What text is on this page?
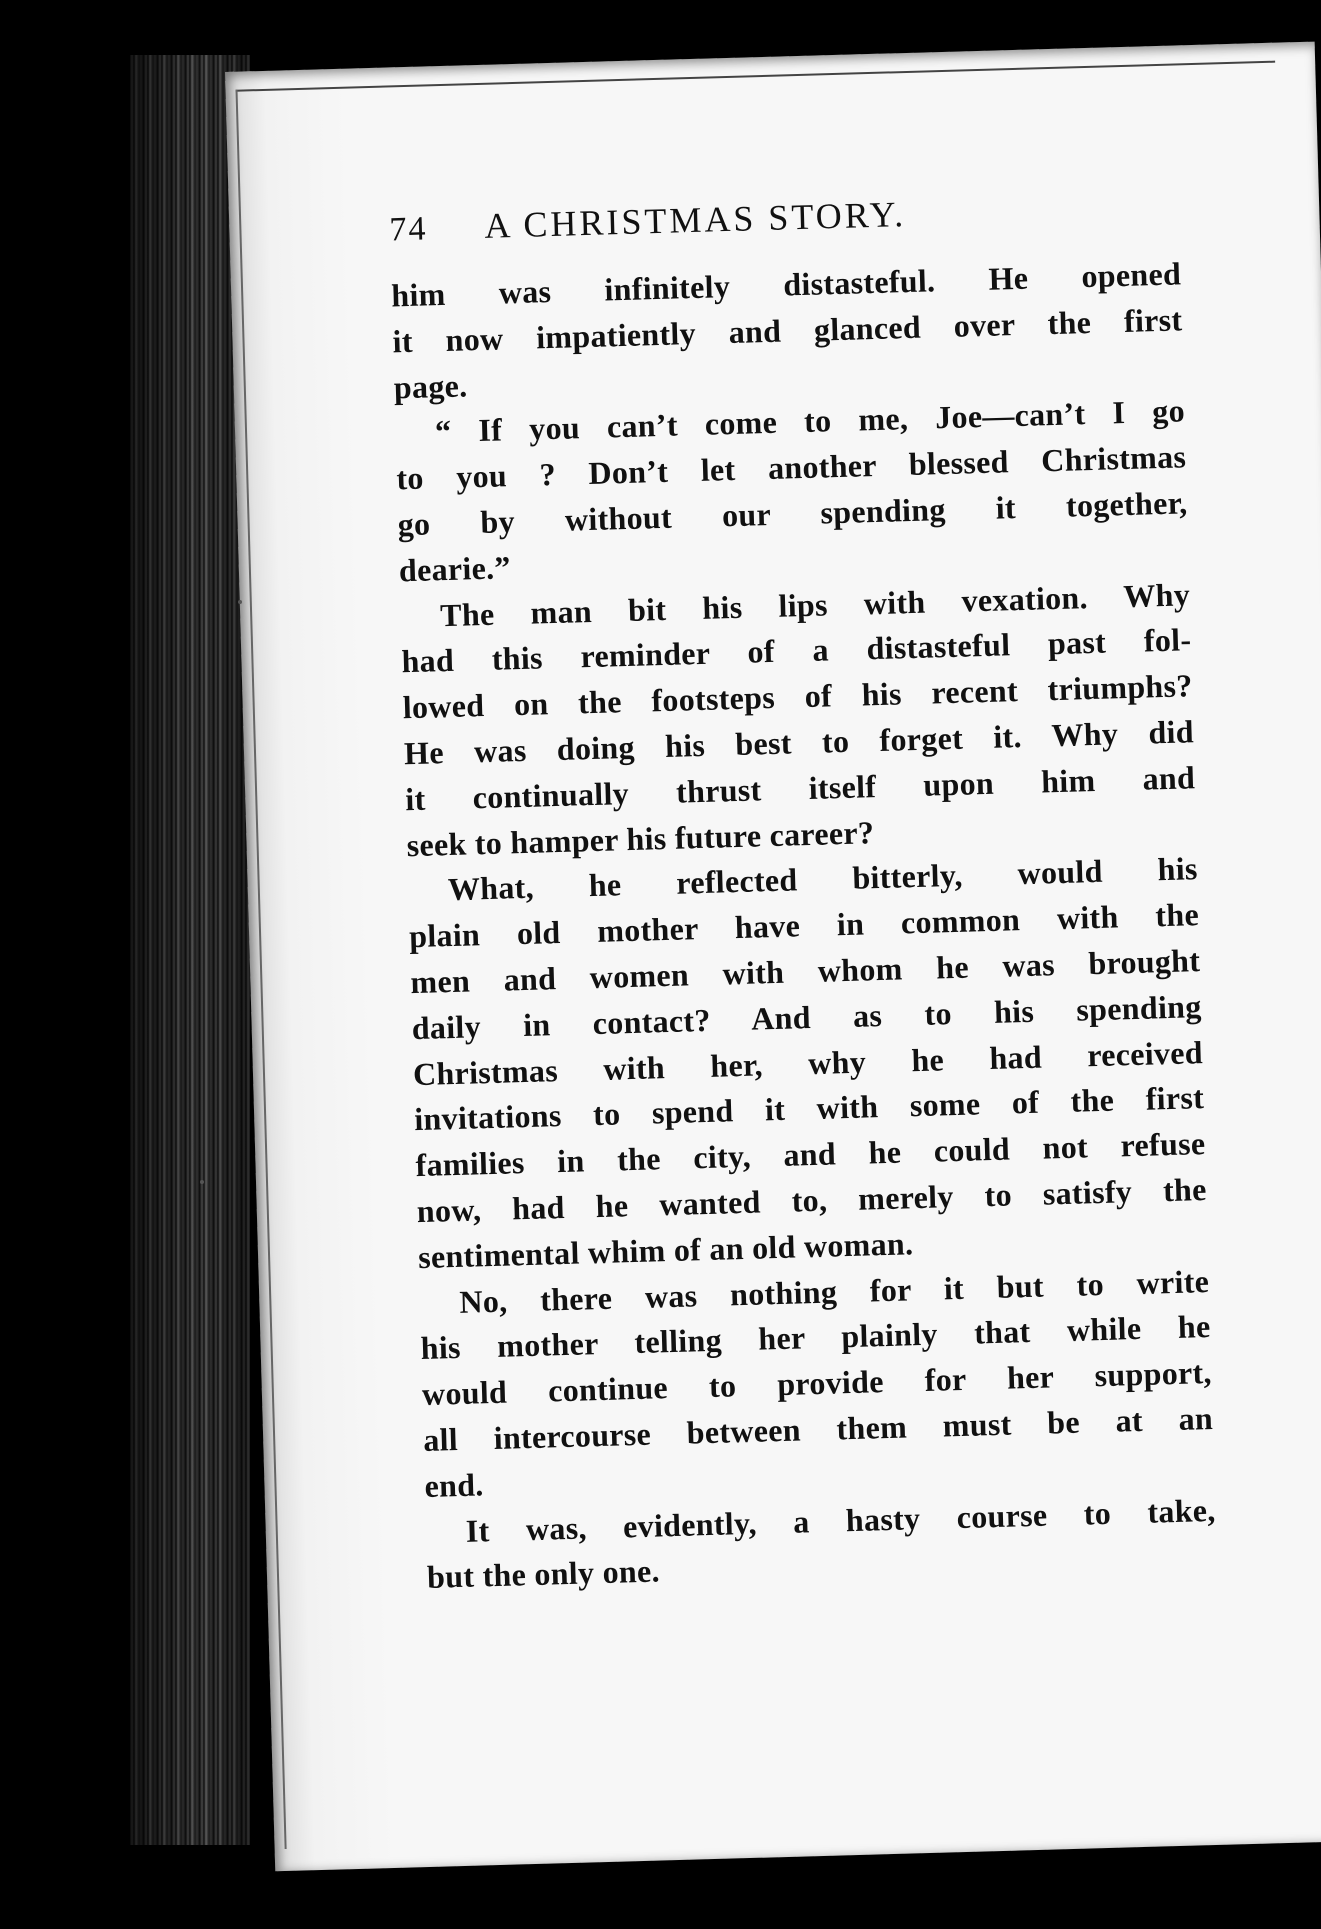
74	A CHRISTMAS STORY.
him was infinitely distasteful. He opened
it now impatiently and glanced over the first
page.
“ If you can’t come to me, Joe—can’t I go
to you ? Don’t let another blessed Christmas
go by without our spending it together,
dearie.”
The man bit his lips with vexation. Why
had this reminder of a distasteful past fol-
lowed on the footsteps of his recent triumphs?
He was doing his best to forget it. Why did
it continually thrust itself upon him and
seek to hamper his future career?
What, he reflected bitterly, would his
plain old mother have in common with the
men and women with whom he was brought
daily in contact? And as to his spending
Christmas with her, why he had received
invitations to spend it with some of the first
families in the city, and he could not refuse
now, had he wanted to, merely to satisfy the
sentimental whim of an old woman.
No, there was nothing for it but to write
his mother telling her plainly that while he
would continue to provide for her support,
all intercourse between them must be at an
end.
It was, evidently, a hasty course to take,
but the only one.
